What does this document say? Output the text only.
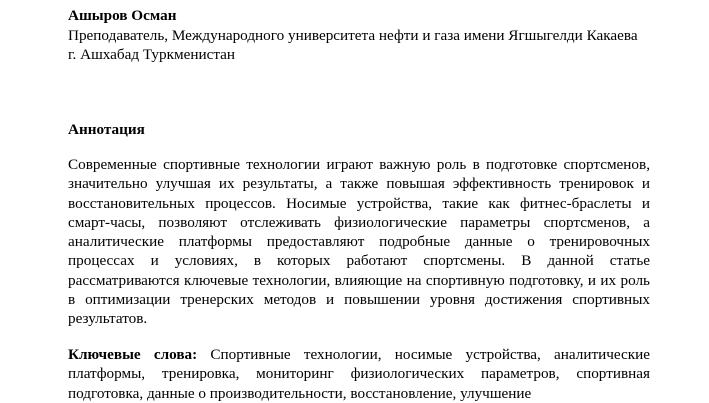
Ашыров Осман
Преподаватель, Международного университета нефти и газа имени Ягшыгелди Какаева
г. Ашхабад Туркменистан
Аннотация

Современные спортивные технологии играют важную роль в подготовке спортсменов, значительно улучшая их результаты, а также повышая эффективность тренировок и восстановительных процессов. Носимые устройства, такие как фитнес-браслеты и смарт-часы, позволяют отслеживать физиологические параметры спортсменов, а аналитические платформы предоставляют подробные данные о тренировочных процессах и условиях, в которых работают спортсмены. В данной статье рассматриваются ключевые технологии, влияющие на спортивную подготовку, и их роль в оптимизации тренерских методов и повышении уровня достижения спортивных результатов.

Ключевые слова: Спортивные технологии, носимые устройства, аналитические платформы, тренировка, мониторинг физиологических параметров, спортивная подготовка, данные о производительности, восстановление, улучшение
